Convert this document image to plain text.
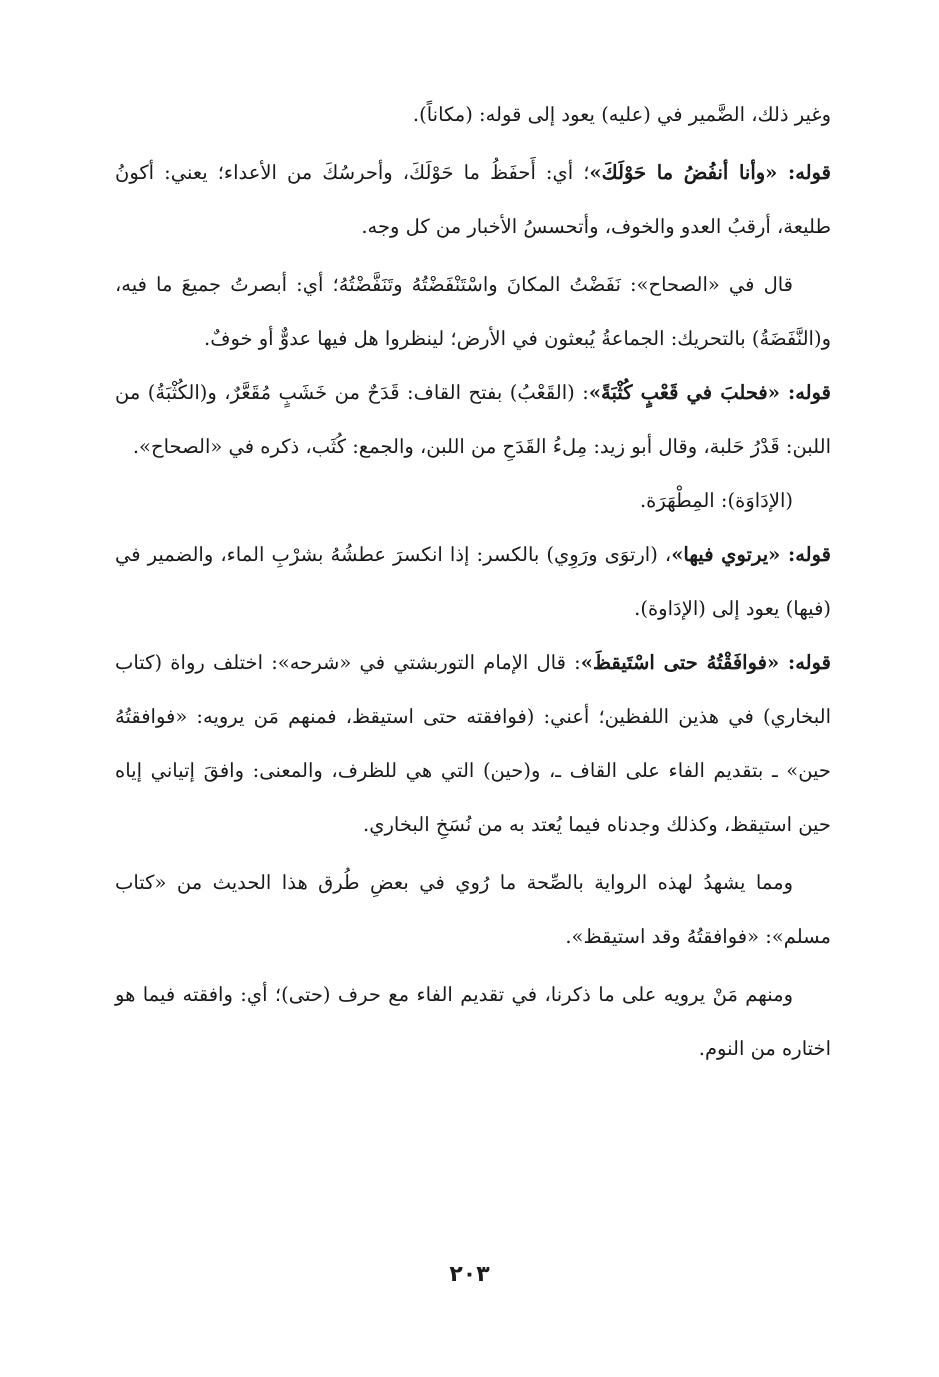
وغير ذلك، الضَّمير في (عليه) يعود إلى قوله: (مكاناً).

قوله: «وأنا أنفُضُ ما حَوْلَكَ»؛ أي: أَحفَظُ ما حَوْلَكَ، وأحرسُكَ من الأعداء؛ يعني: أكونُ طليعة، أرقبُ العدو والخوف، وأتحسسُ الأخبار من كل وجه.

قال في «الصحاح»: نَفَضْتُ المكانَ واسْتَنْفَضْتُهُ وتَنَفَّضْتُهُ؛ أي: أبصرتُ جميعَ ما فيه، و(النَّفَضَةُ) بالتحريك: الجماعةُ يُبعثون في الأرض؛ لينظروا هل فيها عدوٌّ أو خوفٌ.

قوله: «فحلبَ في قَعْبٍ كُثْبَةً»: (القَعْبُ) بفتح القاف: قَدَحٌ من خَشَبٍ مُقَعَّرٌ، و(الكُثْبَةُ) من اللبن: قَدْرُ حَلبة، وقال أبو زيد: مِلءُ القَدَحِ من اللبن، والجمع: كُثَب، ذكره في «الصحاح».

(الإدَاوَة): المِطْهَرَة.

قوله: «يرتوي فيها»، (ارتوَى ورَوِي) بالكسر: إذا انكسرَ عطشُهُ بشرْبِ الماء، والضمير في (فيها) يعود إلى (الإدَاوة).

قوله: «فوافَقْتُهُ حتى اسْتَيقظَ»: قال الإمام التوربشتي في «شرحه»: اختلف رواة (كتاب البخاري) في هذين اللفظين؛ أعني: (فوافقته حتى استيقظ، فمنهم مَن يرويه: «فوافقتُهُ حين» ـ بتقديم الفاء على القاف ـ، و(حين) التي هي للظرف، والمعنى: وافقَ إتياني إياه حين استيقظ، وكذلك وجدناه فيما يُعتد به من نُسَخِ البخاري.

ومما يشهدُ لهذه الرواية بالصِّحة ما رُوي في بعضِ طُرق هذا الحديث من «كتاب مسلم»: «فوافقتُهُ وقد استيقظ».

ومنهم مَنْ يرويه على ما ذكرنا، في تقديم الفاء مع حرف (حتى)؛ أي: وافقته فيما هو اختاره من النوم.

٢٠٣
